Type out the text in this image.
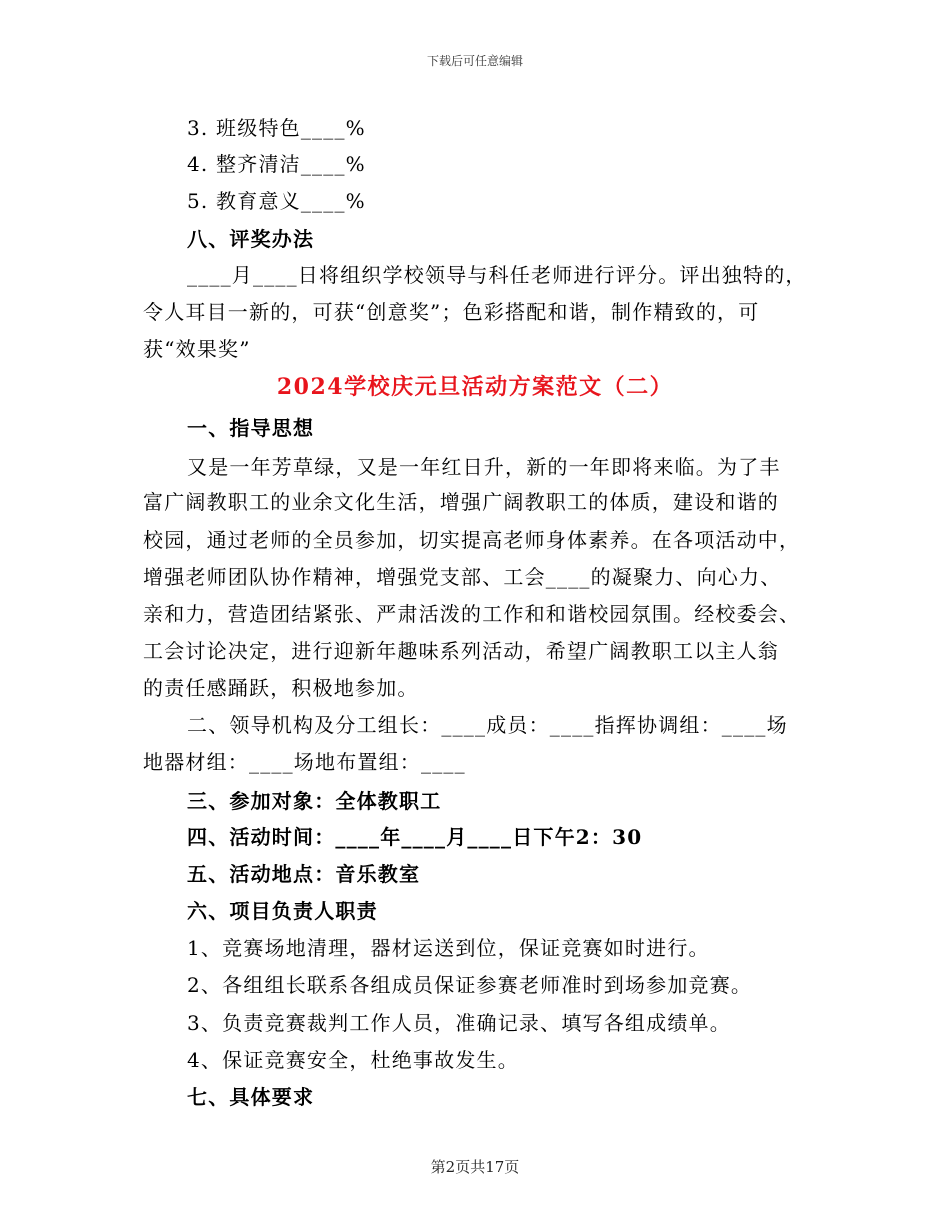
下载后可任意编辑
3. 班级特色____%
4. 整齐清洁____%
5. 教育意义____%
八、评奖办法
____月____日将组织学校领导与科任老师进行评分。评出独特的，
令人耳目一新的，可获“创意奖”；色彩搭配和谐，制作精致的，可
获“效果奖”
2024学校庆元旦活动方案范文（二）
一、指导思想
又是一年芳草绿，又是一年红日升，新的一年即将来临。为了丰
富广阔教职工的业余文化生活，增强广阔教职工的体质，建设和谐的
校园，通过老师的全员参加，切实提高老师身体素养。在各项活动中，
增强老师团队协作精神，增强党支部、工会____的凝聚力、向心力、
亲和力，营造团结紧张、严肃活泼的工作和和谐校园氛围。经校委会、
工会讨论决定，进行迎新年趣味系列活动，希望广阔教职工以主人翁
的责任感踊跃，积极地参加。
二、领导机构及分工组长：____成员：____指挥协调组：____场
地器材组：____场地布置组：____
三、参加对象：全体教职工
四、活动时间：____年____月____日下午2：30
五、活动地点：音乐教室
六、项目负责人职责
1、竞赛场地清理，器材运送到位，保证竞赛如时进行。
2、各组组长联系各组成员保证参赛老师准时到场参加竞赛。
3、负责竞赛裁判工作人员，准确记录、填写各组成绩单。
4、保证竞赛安全，杜绝事故发生。
七、具体要求
第2页共17页
